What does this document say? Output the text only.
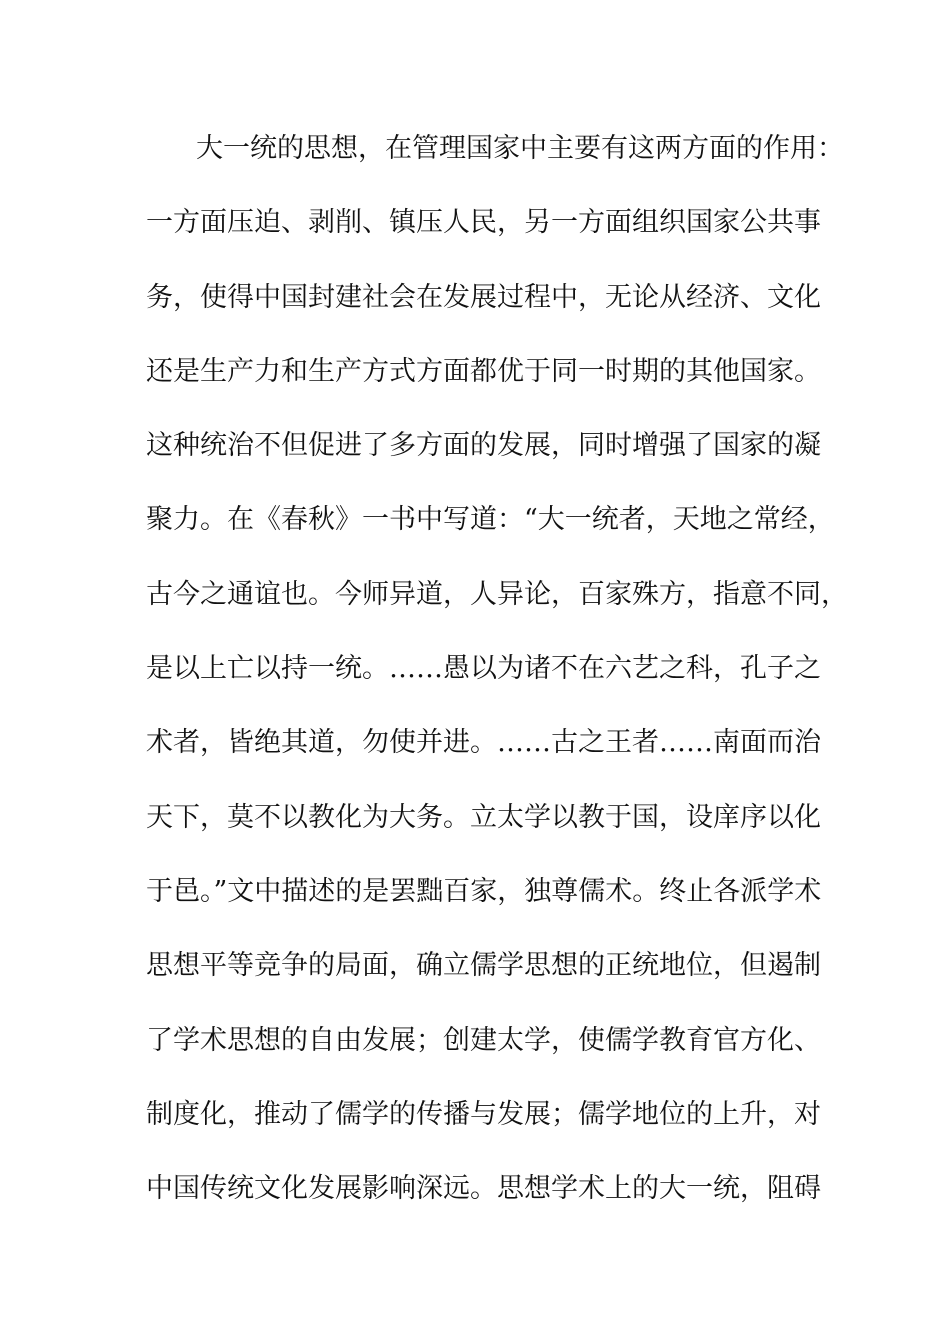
大一统的思想，在管理国家中主要有这两方面的作用：
一方面压迫、剥削、镇压人民，另一方面组织国家公共事
务，使得中国封建社会在发展过程中，无论从经济、文化
还是生产力和生产方式方面都优于同一时期的其他国家。
这种统治不但促进了多方面的发展，同时增强了国家的凝
聚力。在《春秋》一书中写道：“大一统者，天地之常经，
古今之通谊也。今师异道，人异论，百家殊方，指意不同，
是以上亡以持一统。……愚以为诸不在六艺之科，孔子之
术者，皆绝其道，勿使并进。……古之王者……南面而治
天下，莫不以教化为大务。立太学以教于国，设庠序以化
于邑。”文中描述的是罢黜百家，独尊儒术。终止各派学术
思想平等竞争的局面，确立儒学思想的正统地位，但遏制
了学术思想的自由发展；创建太学，使儒学教育官方化、
制度化，推动了儒学的传播与发展；儒学地位的上升，对
中国传统文化发展影响深远。思想学术上的大一统，阻碍
